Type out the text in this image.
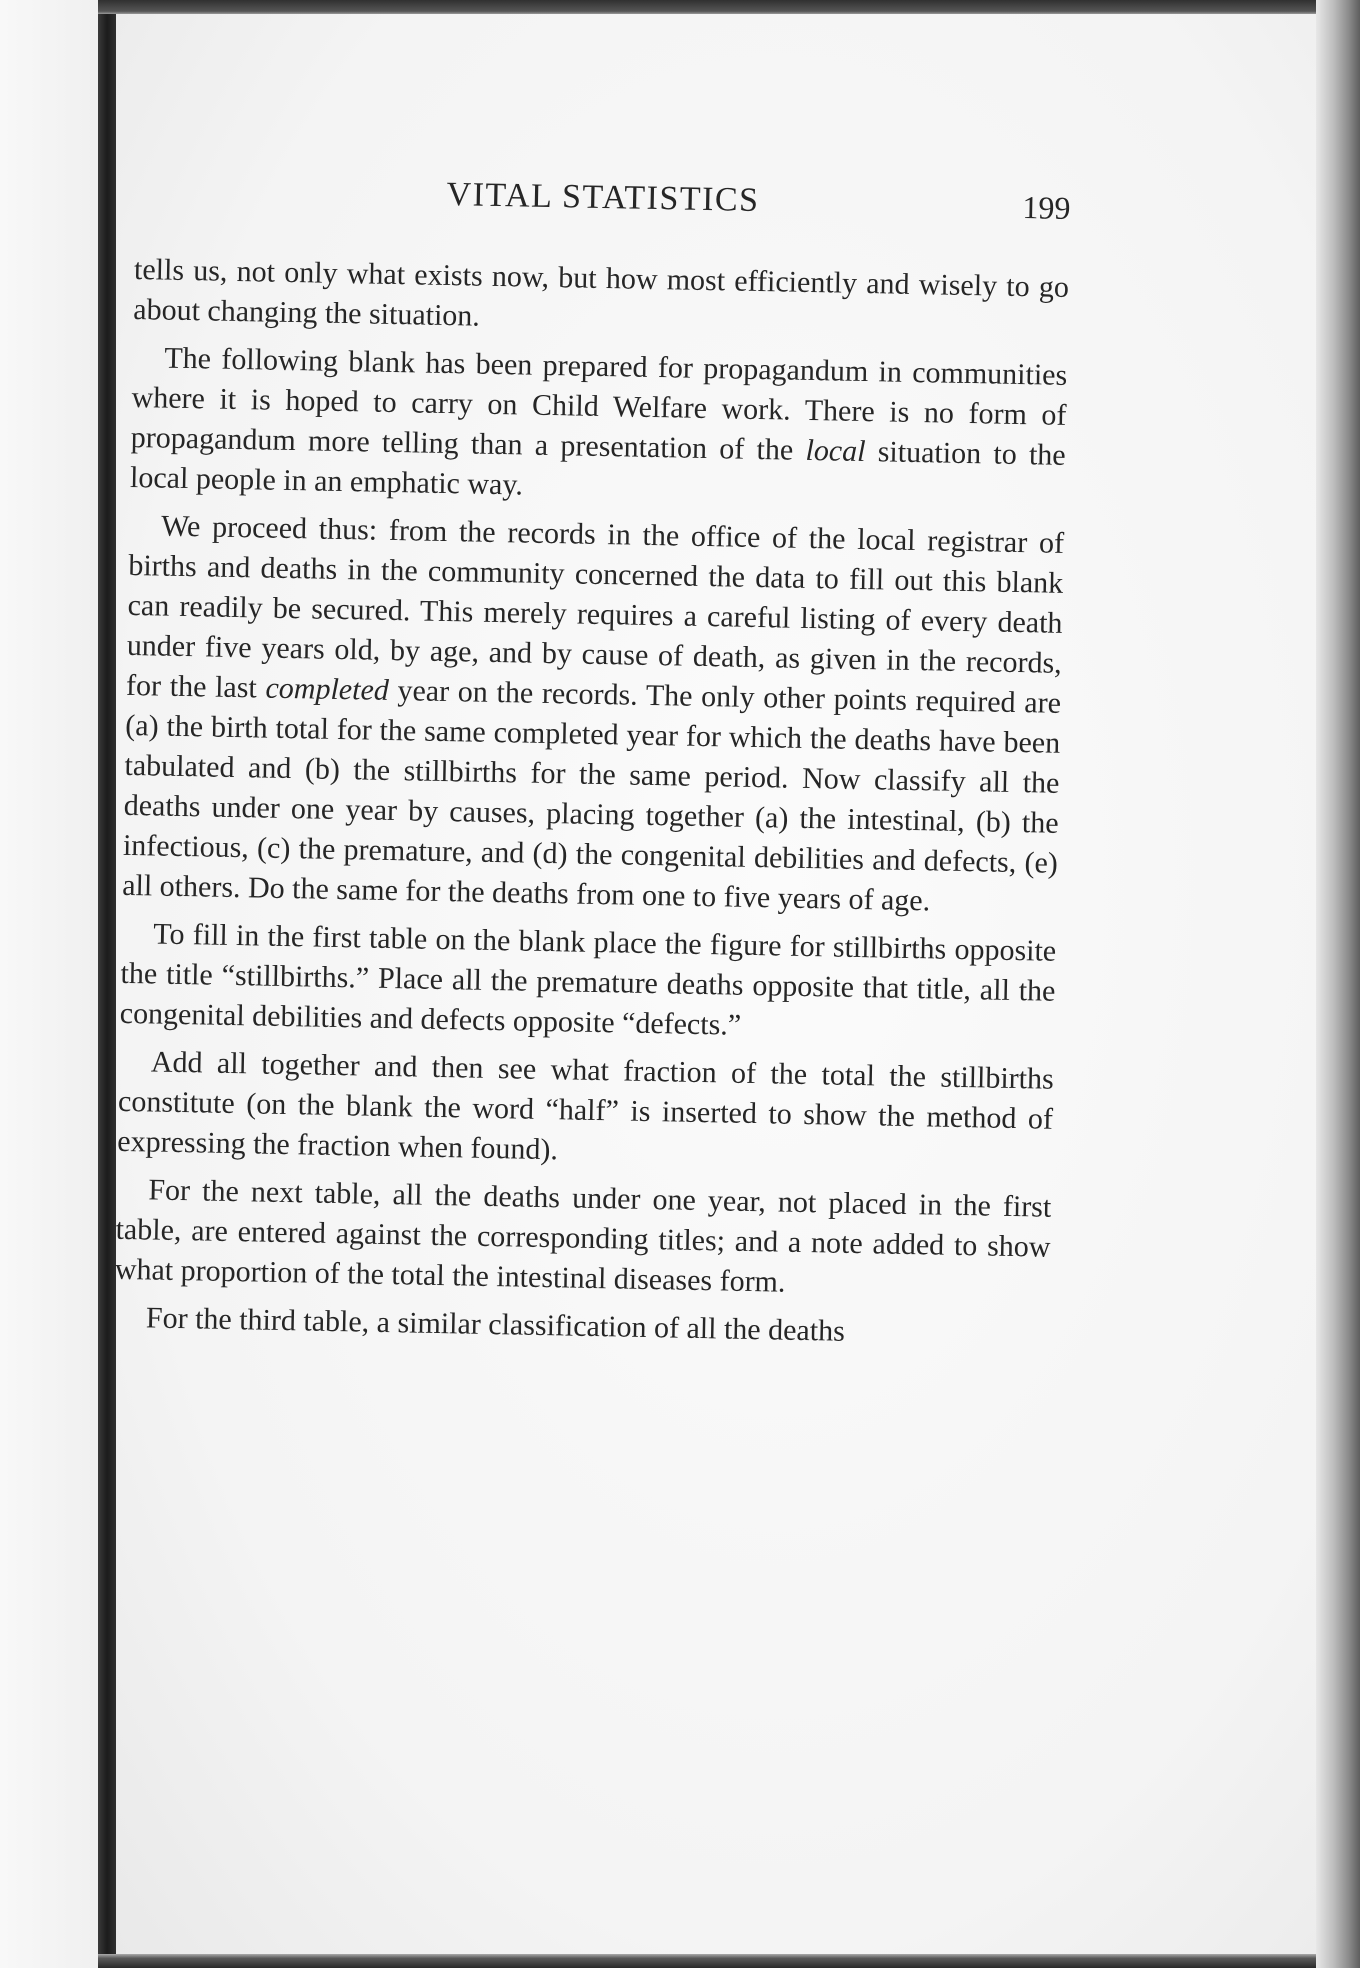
VITAL STATISTICS	199

tells us, not only what exists now, but how most efficiently and wisely to go about changing the situation.

The following blank has been prepared for propagandum in communities where it is hoped to carry on Child Welfare work. There is no form of propagandum more telling than a presentation of the local situation to the local people in an emphatic way.

We proceed thus: from the records in the office of the local registrar of births and deaths in the community concerned the data to fill out this blank can readily be secured. This merely requires a careful listing of every death under five years old, by age, and by cause of death, as given in the records, for the last completed year on the records. The only other points required are (a) the birth total for the same completed year for which the deaths have been tabulated and (b) the stillbirths for the same period. Now classify all the deaths under one year by causes, placing together (a) the intestinal, (b) the infectious, (c) the premature, and (d) the congenital debilities and defects, (e) all others. Do the same for the deaths from one to five years of age.

To fill in the first table on the blank place the figure for stillbirths opposite the title “stillbirths.” Place all the premature deaths opposite that title, all the congenital debilities and defects opposite “defects.”

Add all together and then see what fraction of the total the stillbirths constitute (on the blank the word “half” is inserted to show the method of expressing the fraction when found).

For the next table, all the deaths under one year, not placed in the first table, are entered against the corresponding titles; and a note added to show what proportion of the total the intestinal diseases form.

For the third table, a similar classification of all the deaths
